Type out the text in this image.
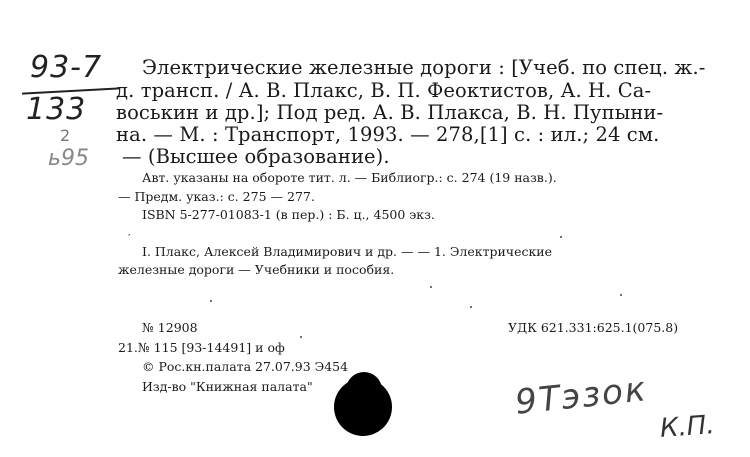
93-7
133
2
ь95
Электрические железные дороги : [Учеб. по спец. ж.-
д. трансп. / А. В. Плакс, В. П. Феоктистов, А. Н. Са-
воськин и др.]; Под ред. А. В. Плакса, В. Н. Пупыни-
на. — М. : Транспорт, 1993. — 278,[1] с. : ил.; 24 см.
— (Высшее образование).
Авт. указаны на обороте тит. л. — Библиогр.: с. 274 (19 назв.).
— Предм. указ.: с. 275 — 277.
ISBN 5-277-01083-1 (в пер.) : Б. ц., 4500 экз.
′
I. Плакс, Алексей Владимирович и др. — — 1. Электрические
железные дороги — Учебники и пособия.
№ 12908	УДК 621.331:625.1(075.8)
21.№ 115 [93-14491] и оф
© Рос.кн.палата 27.07.93 Э454
Изд-во "Книжная палата"	9Тэзок
К.П.
